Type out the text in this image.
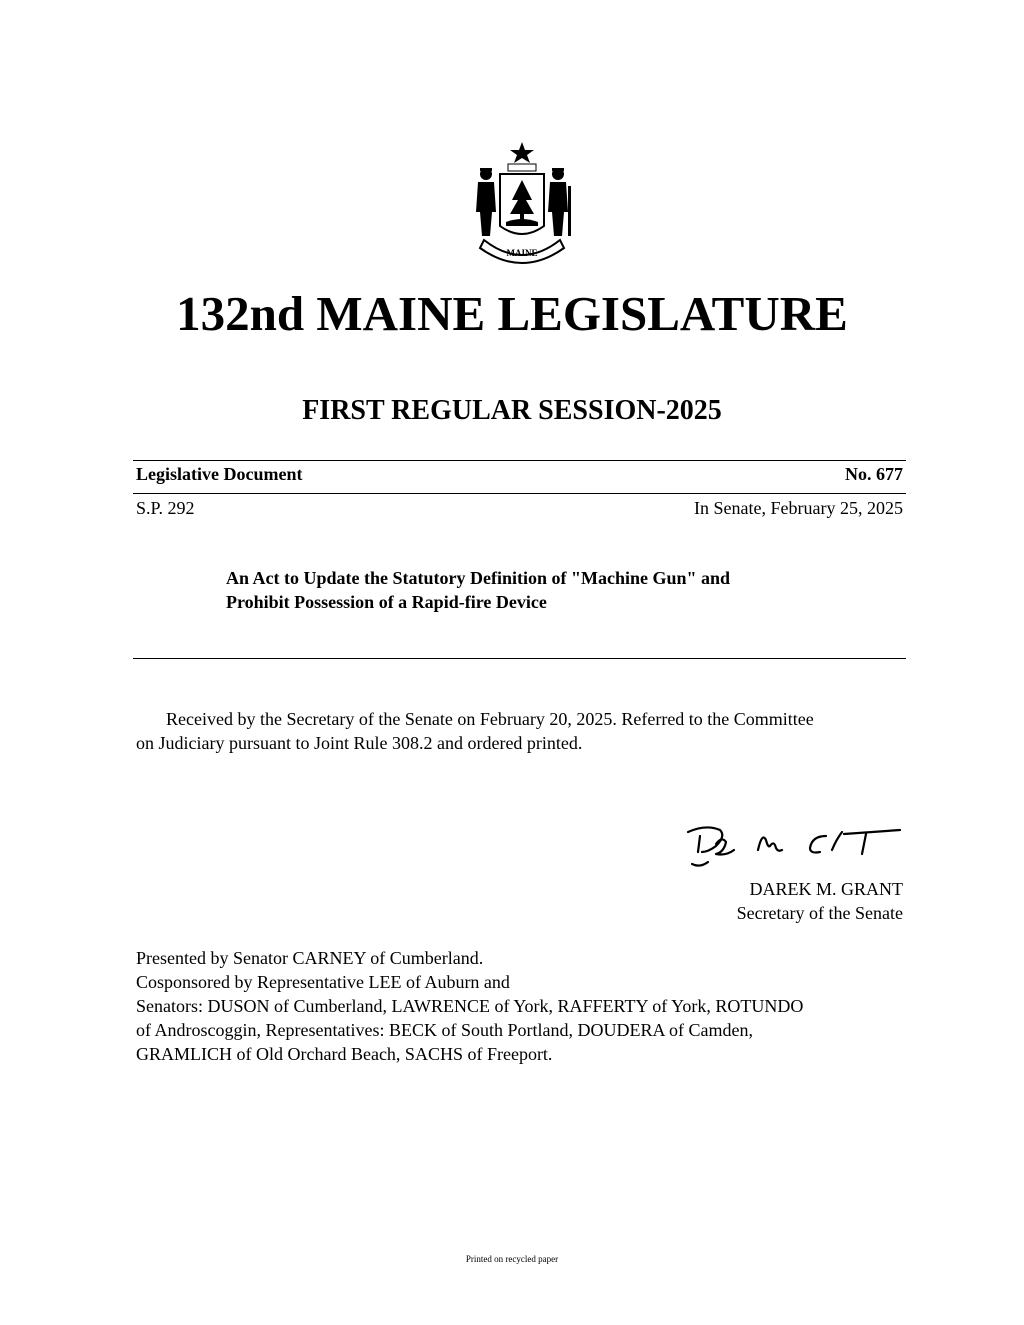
MAINE
132nd MAINE LEGISLATURE
FIRST REGULAR SESSION-2025
Legislative Document	No. 677
S.P. 292	In Senate, February 25, 2025
An Act to Update the Statutory Definition of "Machine Gun" and
Prohibit Possession of a Rapid-fire Device
Received by the Secretary of the Senate on February 20, 2025. Referred to the Committee
on Judiciary pursuant to Joint Rule 308.2 and ordered printed.
DAREK M. GRANT
Secretary of the Senate
Presented by Senator CARNEY of Cumberland.
Cosponsored by Representative LEE of Auburn and
Senators: DUSON of Cumberland, LAWRENCE of York, RAFFERTY of York, ROTUNDO
of Androscoggin, Representatives: BECK of South Portland, DOUDERA of Camden,
GRAMLICH of Old Orchard Beach, SACHS of Freeport.
Printed on recycled paper
